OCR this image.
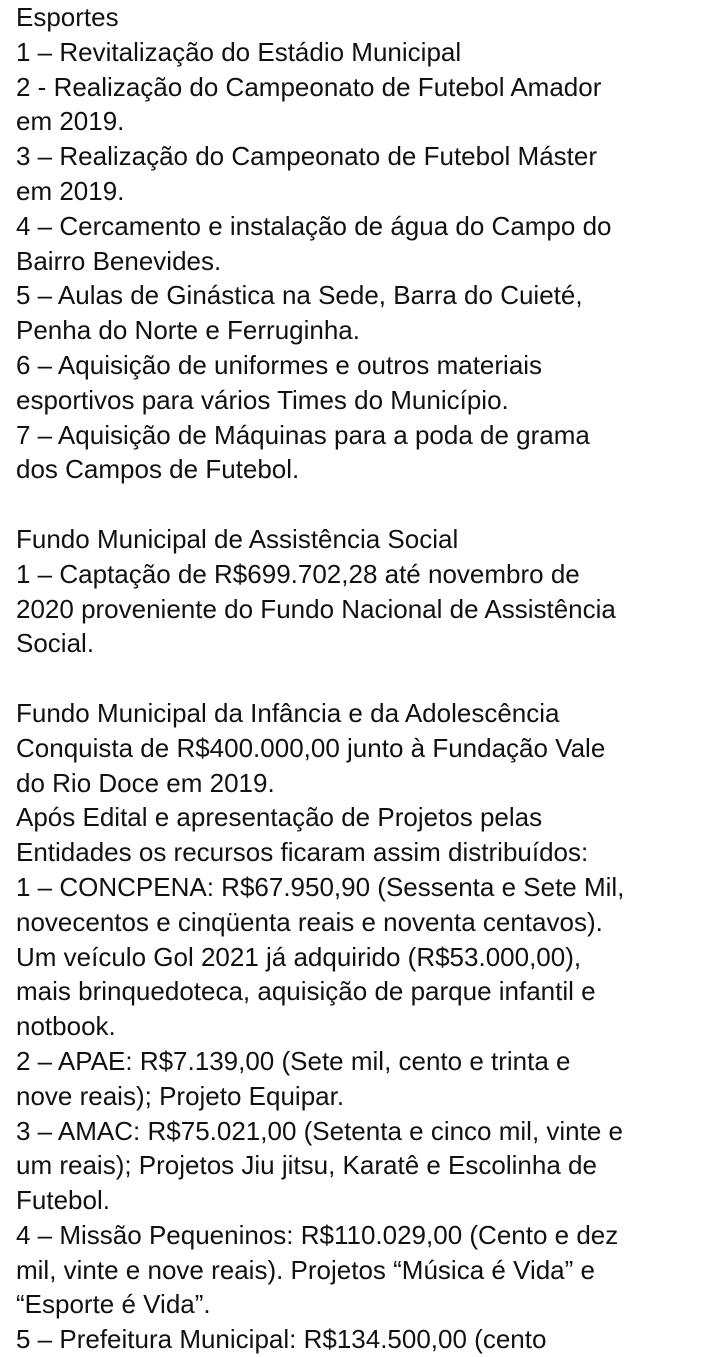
Esportes
1 – Revitalização do Estádio Municipal
2 - Realização do Campeonato de Futebol Amador
em 2019.
3 – Realização do Campeonato de Futebol Máster
em 2019.
4 – Cercamento e instalação de água do Campo do
Bairro Benevides.
5 – Aulas de Ginástica na Sede, Barra do Cuieté,
Penha do Norte e Ferruginha.
6 – Aquisição de uniformes e outros materiais
esportivos para vários Times do Município.
7 – Aquisição de Máquinas para a poda de grama
dos Campos de Futebol.
Fundo Municipal de Assistência Social
1 – Captação de R$699.702,28 até novembro de
2020 proveniente do Fundo Nacional de Assistência
Social.
Fundo Municipal da Infância e da Adolescência
Conquista de R$400.000,00 junto à Fundação Vale
do Rio Doce em 2019.
Após Edital e apresentação de Projetos pelas
Entidades os recursos ficaram assim distribuídos:
1 – CONCPENA: R$67.950,90 (Sessenta e Sete Mil,
novecentos e cinqüenta reais e noventa centavos).
Um veículo Gol 2021 já adquirido (R$53.000,00),
mais brinquedoteca, aquisição de parque infantil e
notbook.
2 – APAE: R$7.139,00 (Sete mil, cento e trinta e
nove reais); Projeto Equipar.
3 – AMAC: R$75.021,00 (Setenta e cinco mil, vinte e
um reais); Projetos Jiu jitsu, Karatê e Escolinha de
Futebol.
4 – Missão Pequeninos: R$110.029,00 (Cento e dez
mil, vinte e nove reais). Projetos “Música é Vida” e
“Esporte é Vida”.
5 – Prefeitura Municipal: R$134.500,00 (cento
